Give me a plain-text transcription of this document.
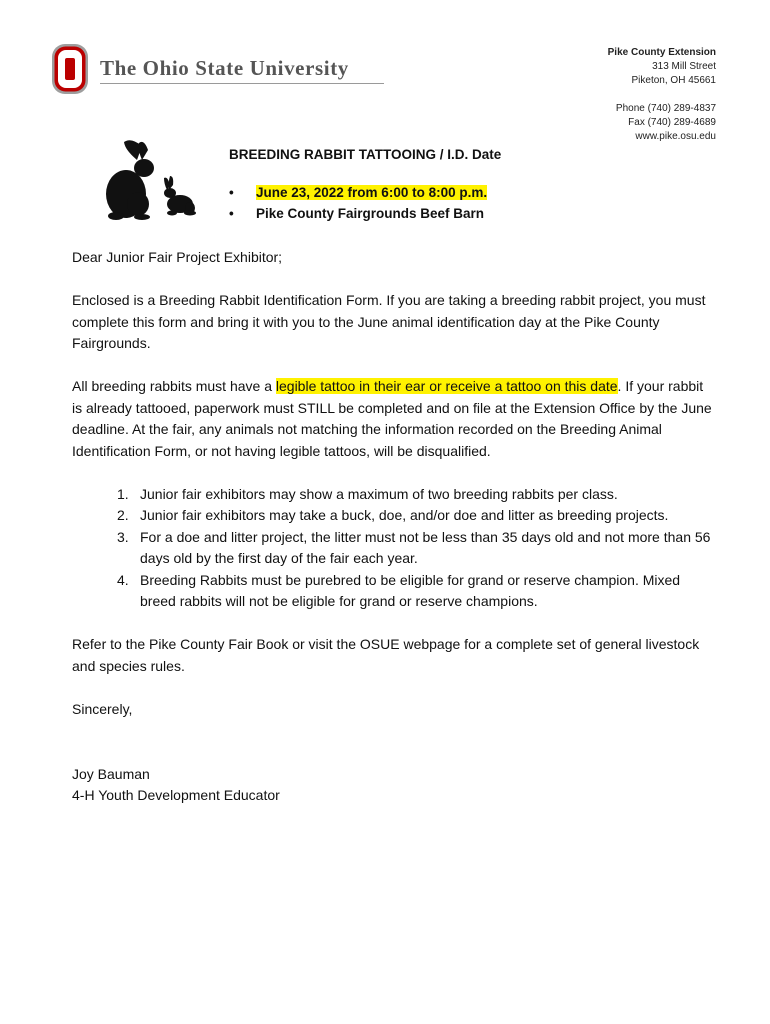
The Ohio State University
Pike County Extension
313 Mill Street
Piketon, OH 45661
Phone (740) 289-4837
Fax (740) 289-4689
www.pike.osu.edu
BREEDING RABBIT TATTOOING / I.D. Date
• June 23, 2022 from 6:00 to 8:00 p.m.
• Pike County Fairgrounds Beef Barn

Dear Junior Fair Project Exhibitor;

Enclosed is a Breeding Rabbit Identification Form. If you are taking a breeding rabbit project, you must complete this form and bring it with you to the June animal identification day at the Pike County Fairgrounds.

All breeding rabbits must have a legible tattoo in their ear or receive a tattoo on this date. If your rabbit is already tattooed, paperwork must STILL be completed and on file at the Extension Office by the June deadline. At the fair, any animals not matching the information recorded on the Breeding Animal Identification Form, or not having legible tattoos, will be disqualified.

1. Junior fair exhibitors may show a maximum of two breeding rabbits per class.
2. Junior fair exhibitors may take a buck, doe, and/or doe and litter as breeding projects.
3. For a doe and litter project, the litter must not be less than 35 days old and not more than 56 days old by the first day of the fair each year.
4. Breeding Rabbits must be purebred to be eligible for grand or reserve champion. Mixed breed rabbits will not be eligible for grand or reserve champions.

Refer to the Pike County Fair Book or visit the OSUE webpage for a complete set of general livestock and species rules.

Sincerely,

Joy Bauman
4-H Youth Development Educator
